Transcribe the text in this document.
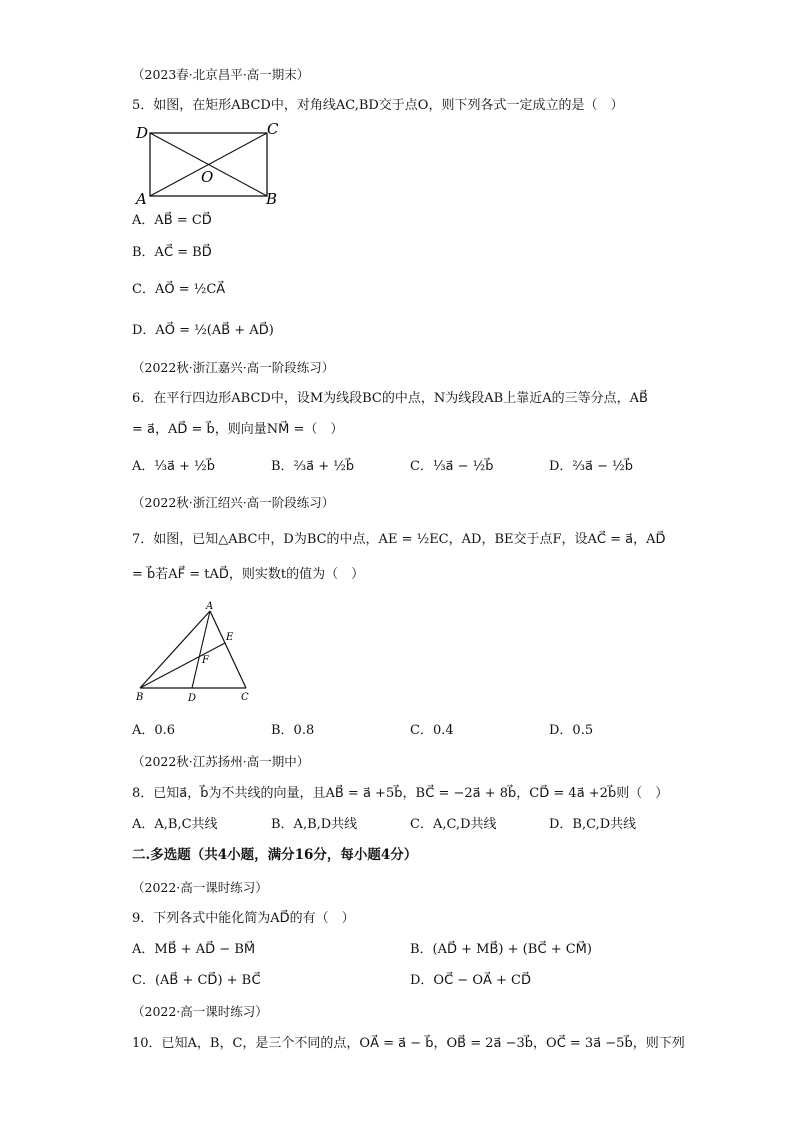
（2023春·北京昌平·高一期末）
5．如图，在矩形ABCD中，对角线AC,BD交于点O，则下列各式一定成立的是（　）
D	C
A	B
O
A．AB⃗ = CD⃗
B．AC⃗ = BD⃗
C．AO⃗ = ½CA⃗
D．AO⃗ = ½(AB⃗ + AD⃗)
（2022秋·浙江嘉兴·高一阶段练习）
6．在平行四边形ABCD中，设M为线段BC的中点，N为线段AB上靠近A的三等分点，AB⃗
= a⃗，AD⃗ = b⃗，则向量NM⃗ =（　）
A．⅓a⃗ + ½b⃗	B．⅔a⃗ + ½b⃗	C．⅓a⃗ − ½b⃗	D．⅔a⃗ − ½b⃗
（2022秋·浙江绍兴·高一阶段练习）
7．如图，已知△ABC中，D为BC的中点，AE = ½EC，AD，BE交于点F，设AC⃗ = a⃗，AD⃗
= b⃗若AF⃗ = tAD⃗，则实数t的值为（　）
A
B	C
D
E
F
A．0.6	B．0.8	C．0.4	D．0.5
（2022秋·江苏扬州·高一期中）
8．已知a⃗，b⃗为不共线的向量，且AB⃗ = a⃗ +5b⃗，BC⃗ = −2a⃗ + 8b⃗，CD⃗ = 4a⃗ +2b⃗则（　）
A．A,B,C共线	B．A,B,D共线	C．A,C,D共线	D．B,C,D共线
二.多选题（共4小题，满分16分，每小题4分）
（2022·高一课时练习）
9．下列各式中能化简为AD⃗的有（　）
A．MB⃗ + AD⃗ − BM⃗	B．(AD⃗ + MB⃗) + (BC⃗ + CM⃗)
C．(AB⃗ + CD⃗) + BC⃗	D．OC⃗ − OA⃗ + CD⃗
（2022·高一课时练习）
10．已知A，B，C，是三个不同的点，OA⃗ = a⃗ − b⃗，OB⃗ = 2a⃗ −3b⃗，OC⃗ = 3a⃗ −5b⃗，则下列
